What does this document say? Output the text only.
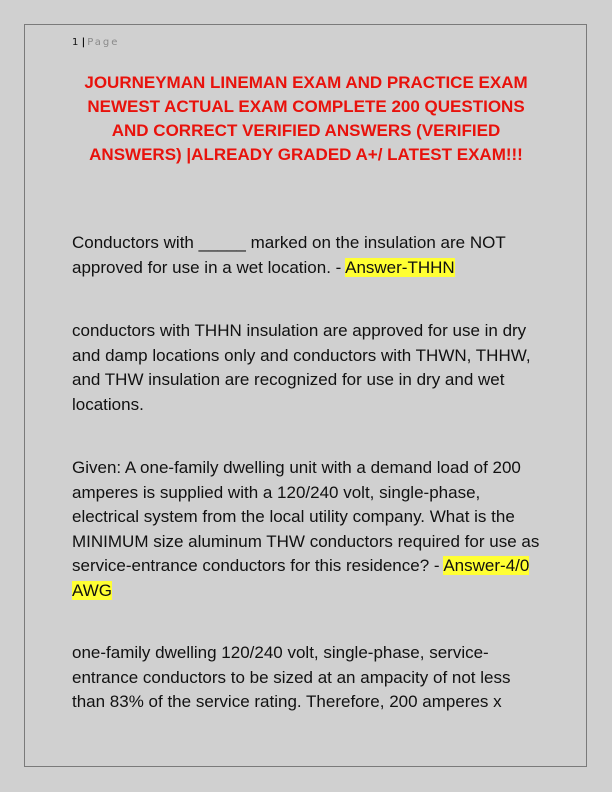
1 | Page
JOURNEYMAN LINEMAN EXAM AND PRACTICE EXAM NEWEST ACTUAL EXAM COMPLETE 200 QUESTIONS AND CORRECT VERIFIED ANSWERS (VERIFIED ANSWERS) |ALREADY GRADED A+/ LATEST EXAM!!!
Conductors with _____ marked on the insulation are NOT approved for use in a wet location. - Answer-THHN
conductors with THHN insulation are approved for use in dry and damp locations only and conductors with THWN, THHW, and THW insulation are recognized for use in dry and wet locations.
Given: A one-family dwelling unit with a demand load of 200 amperes is supplied with a 120/240 volt, single-phase, electrical system from the local utility company. What is the MINIMUM size aluminum THW conductors required for use as service-entrance conductors for this residence? - Answer-4/0 AWG
one-family dwelling 120/240 volt, single-phase, service-entrance conductors to be sized at an ampacity of not less than 83% of the service rating. Therefore, 200 amperes x
